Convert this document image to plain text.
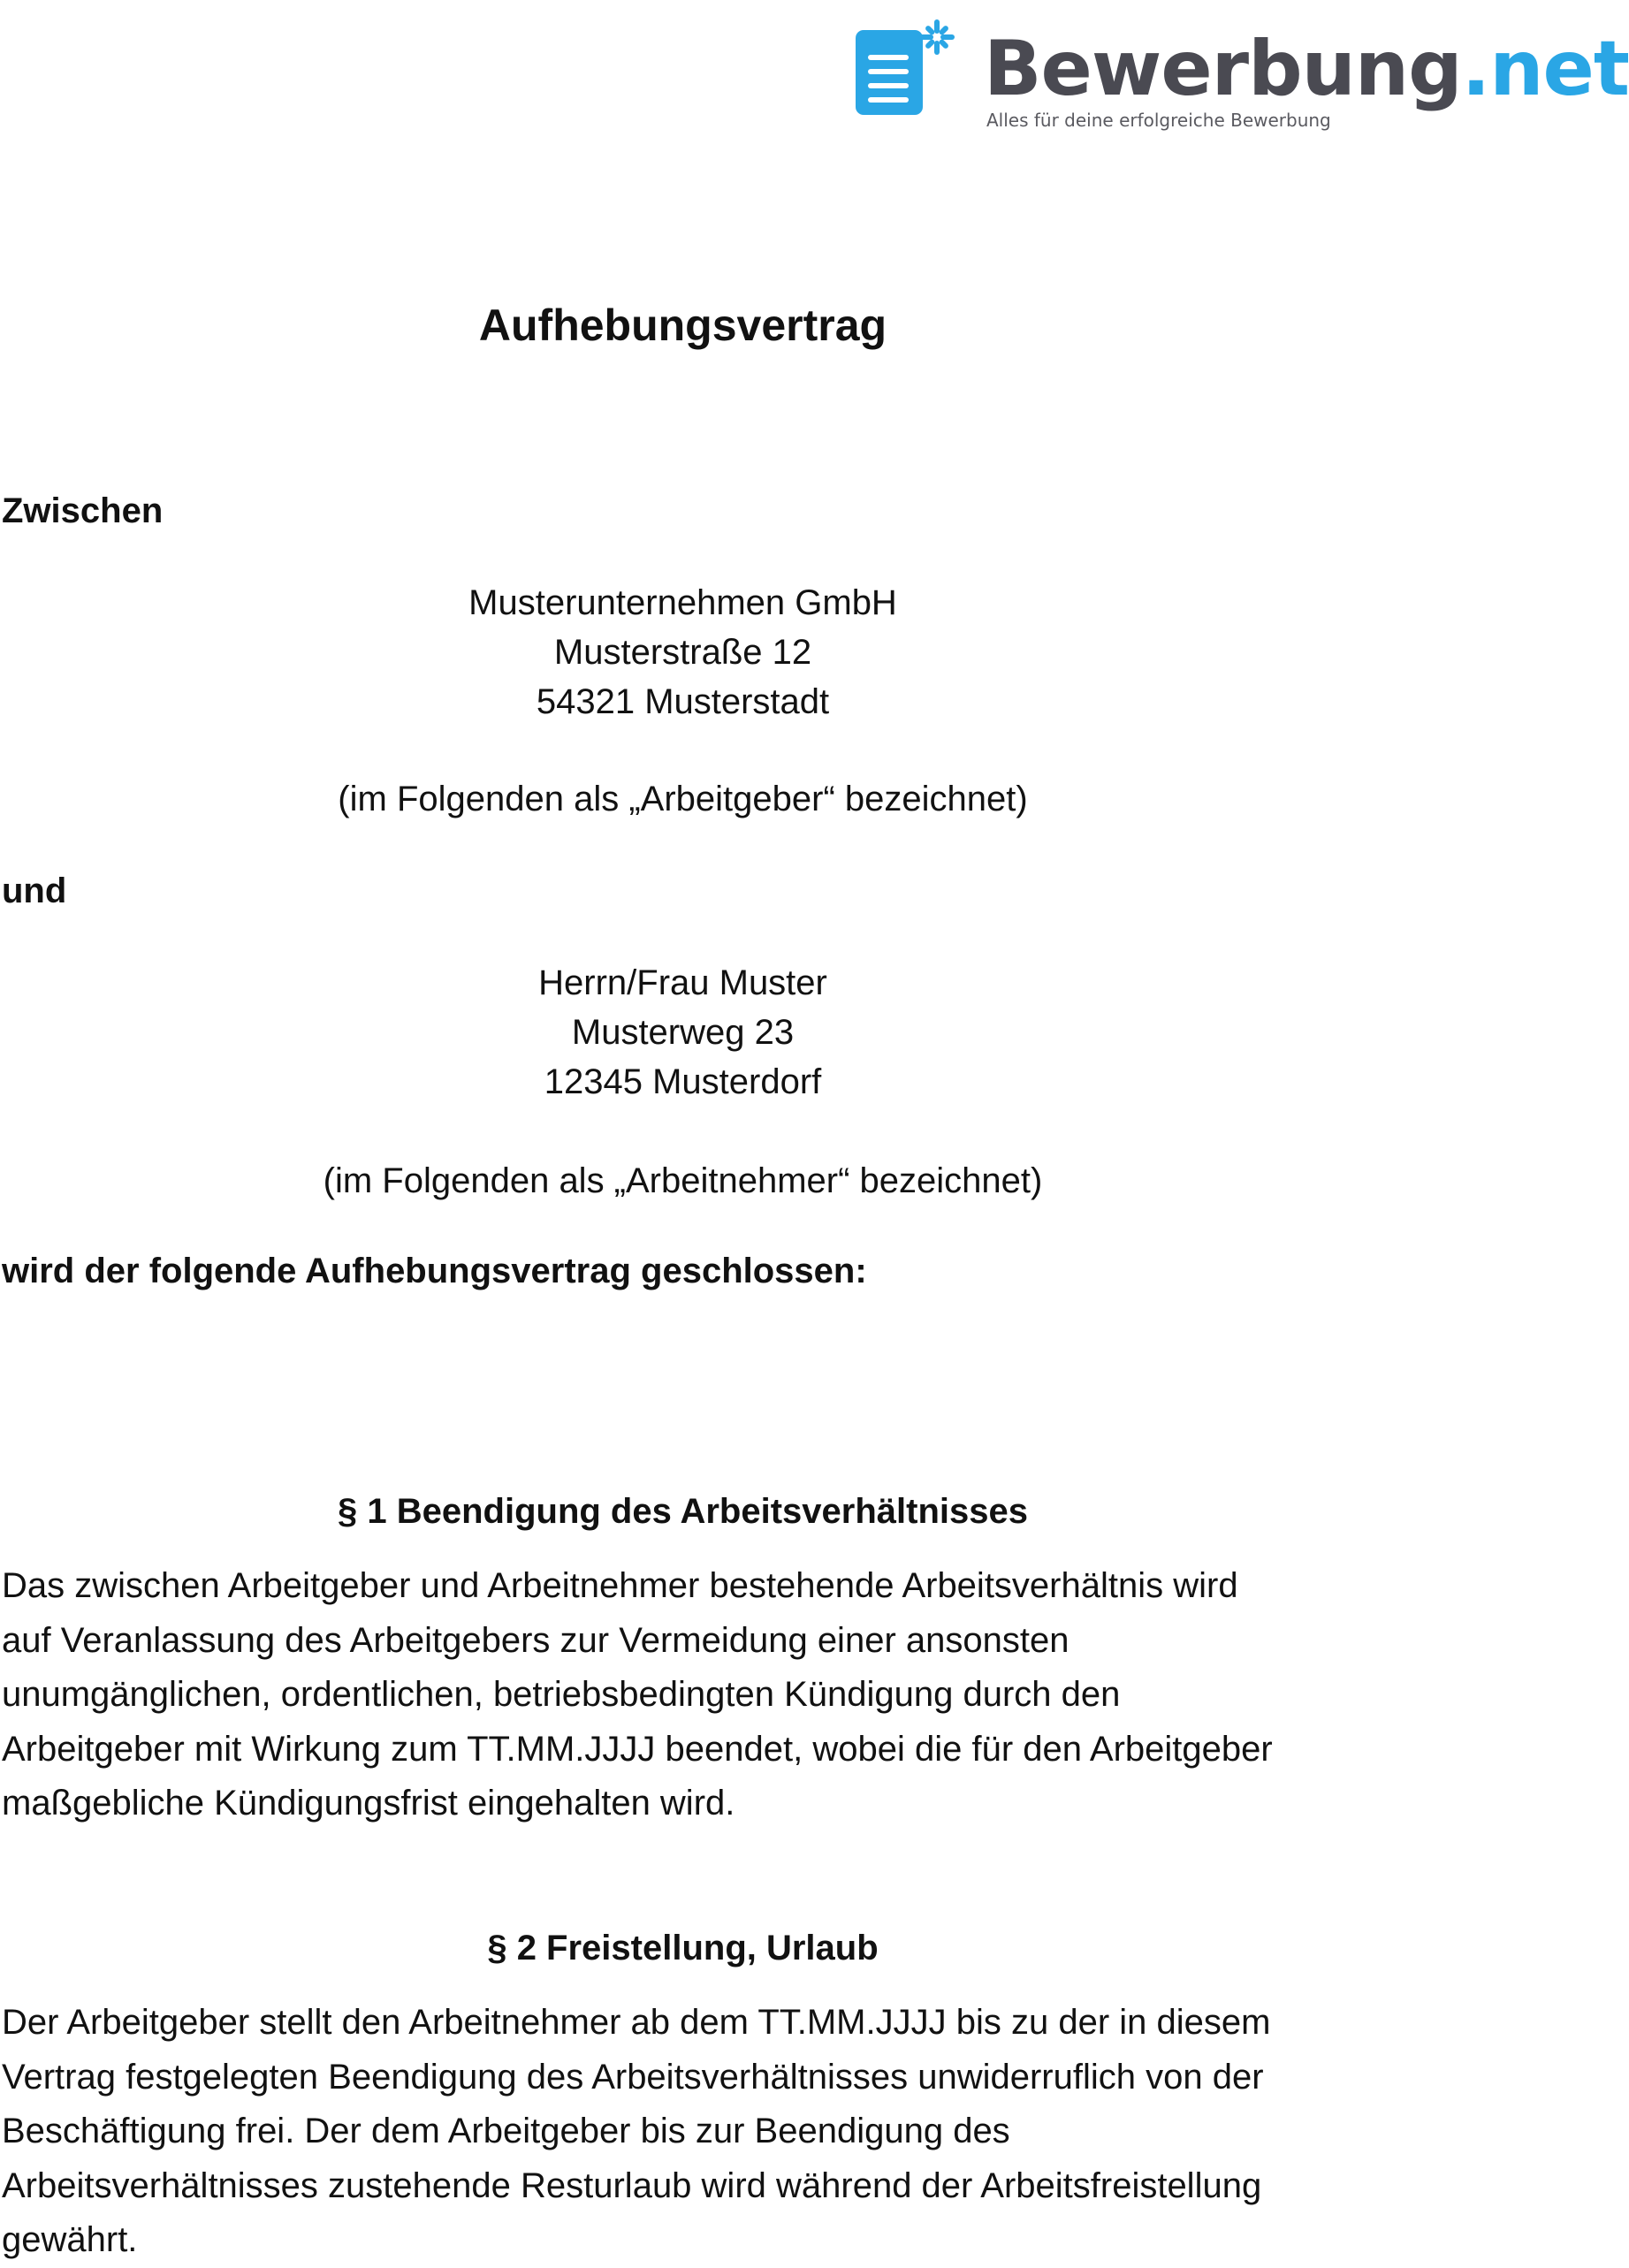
Bewerbung.net
Alles für deine erfolgreiche Bewerbung
Aufhebungsvertrag
Zwischen
Musterunternehmen GmbH
Musterstraße 12
54321 Musterstadt
(im Folgenden als „Arbeitgeber“ bezeichnet)
und
Herrn/Frau Muster
Musterweg 23
12345 Musterdorf
(im Folgenden als „Arbeitnehmer“ bezeichnet)
wird der folgende Aufhebungsvertrag geschlossen:
§ 1 Beendigung des Arbeitsverhältnisses
Das zwischen Arbeitgeber und Arbeitnehmer bestehende Arbeitsverhältnis wird
auf Veranlassung des Arbeitgebers zur Vermeidung einer ansonsten
unumgänglichen, ordentlichen, betriebsbedingten Kündigung durch den
Arbeitgeber mit Wirkung zum TT.MM.JJJJ beendet, wobei die für den Arbeitgeber
maßgebliche Kündigungsfrist eingehalten wird.
§ 2 Freistellung, Urlaub
Der Arbeitgeber stellt den Arbeitnehmer ab dem TT.MM.JJJJ bis zu der in diesem
Vertrag festgelegten Beendigung des Arbeitsverhältnisses unwiderruflich von der
Beschäftigung frei. Der dem Arbeitgeber bis zur Beendigung des
Arbeitsverhältnisses zustehende Resturlaub wird während der Arbeitsfreistellung
gewährt.
